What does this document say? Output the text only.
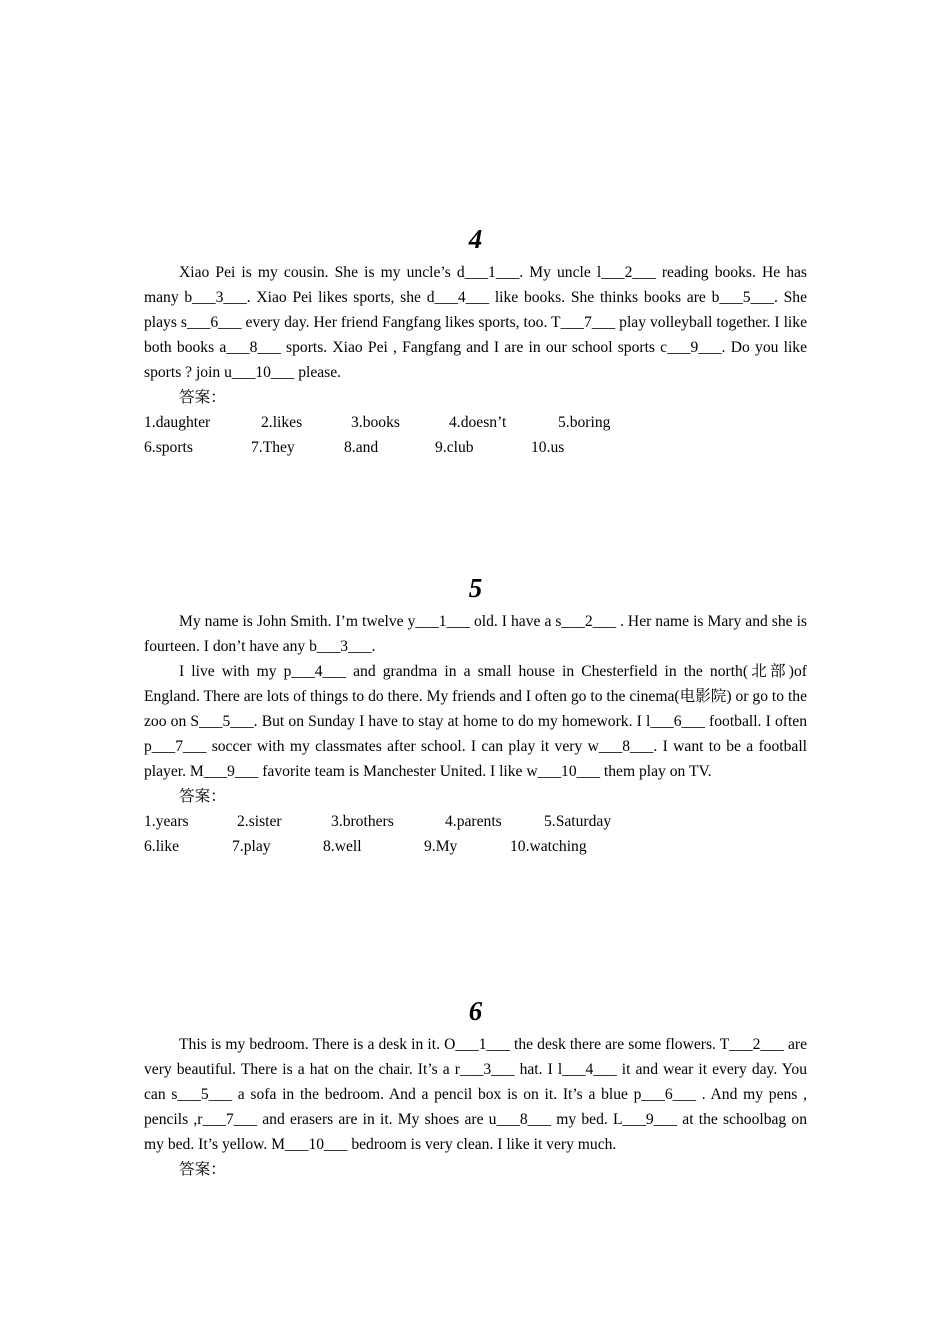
4

Xiao Pei is my cousin. She is my uncle’s d___1___. My uncle l___2___ reading books. He has many b___3___. Xiao Pei likes sports, she d___4___ like books. She thinks books are b___5___. She plays s___6___ every day. Her friend Fangfang likes sports, too. T___7___ play volleyball together. I like both books a___8___ sports. Xiao Pei , Fangfang and I are in our school sports c___9___. Do you like sports ? join u___10___ please.

答案：
1.daughter	2.likes	3.books	4.doesn’t	5.boring
6.sports	7.They	8.and	9.club	10.us
5

My name is John Smith. I’m twelve y___1___ old. I have a s___2___ . Her name is Mary and she is fourteen. I don’t have any b___3___.

I live with my p___4___ and grandma in a small house in Chesterfield in the north(北部)of England. There are lots of things to do there. My friends and I often go to the cinema(电影院) or go to the zoo on S___5___. But on Sunday I have to stay at home to do my homework. I l___6___ football. I often p___7___ soccer with my classmates after school. I can play it very w___8___. I want to be a football player. M___9___ favorite team is Manchester United. I like w___10___ them play on TV.

答案：
1.years	2.sister	3.brothers	4.parents	5.Saturday
6.like	7.play	8.well	9.My	10.watching
6

This is my bedroom. There is a desk in it. O___1___ the desk there are some flowers. T___2___ are very beautiful. There is a hat on the chair. It’s a r___3___ hat. I l___4___ it and wear it every day. You can s___5___ a sofa in the bedroom. And a pencil box is on it. It’s a blue p___6___ . And my pens , pencils ,r___7___ and erasers are in it. My shoes are u___8___ my bed. L___9___ at the schoolbag on my bed. It’s yellow. M___10___ bedroom is very clean. I like it very much.

答案：
